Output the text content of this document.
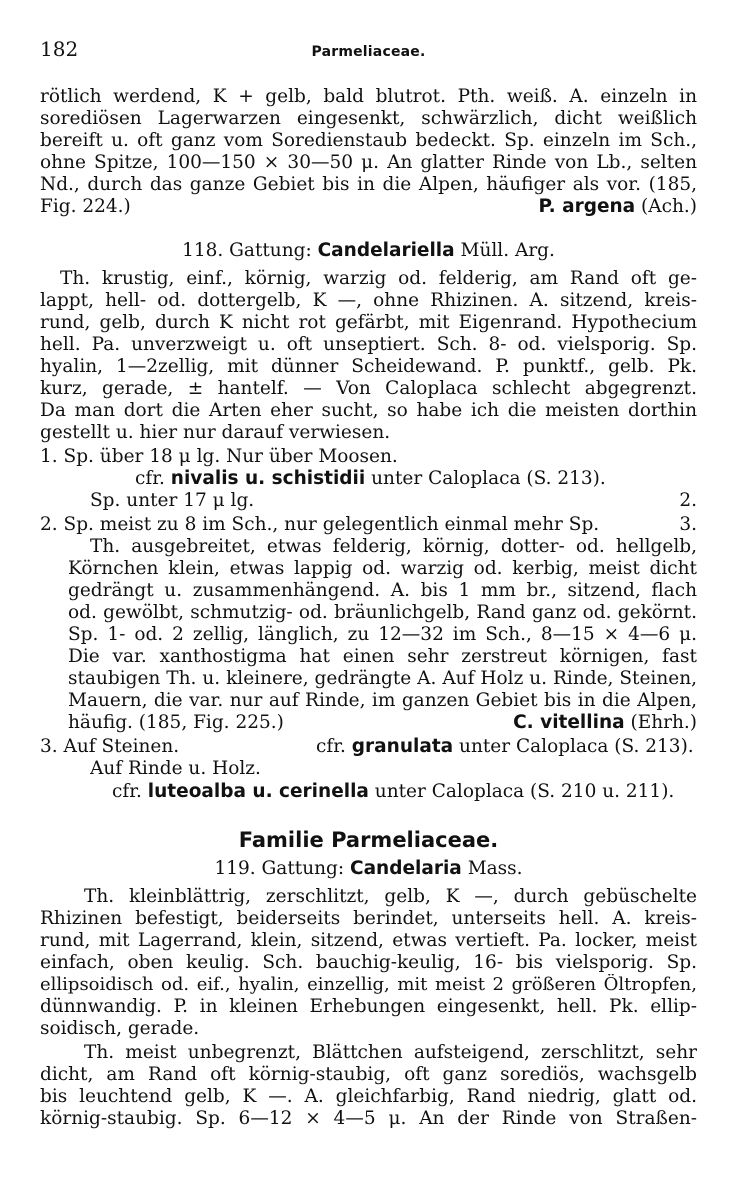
182	Parmeliaceae.
rötlich werdend, K + gelb, bald blutrot. Pth. weiß. A. einzeln in
sorediösen Lagerwarzen eingesenkt, schwärzlich, dicht weißlich
bereift u. oft ganz vom Soredienstaub bedeckt. Sp. einzeln im Sch.,
ohne Spitze, 100—150 × 30—50 μ. An glatter Rinde von Lb., selten
Nd., durch das ganze Gebiet bis in die Alpen, häufiger als vor. (185,
Fig. 224.)	P. argena (Ach.)
118. Gattung: Candelariella Müll. Arg.
Th. krustig, einf., körnig, warzig od. felderig, am Rand oft ge-
lappt, hell- od. dottergelb, K —, ohne Rhizinen. A. sitzend, kreis-
rund, gelb, durch K nicht rot gefärbt, mit Eigenrand. Hypothecium
hell. Pa. unverzweigt u. oft unseptiert. Sch. 8- od. vielsporig. Sp.
hyalin, 1—2zellig, mit dünner Scheidewand. P. punktf., gelb. Pk.
kurz, gerade, ± hantelf. — Von Caloplaca schlecht abgegrenzt.
Da man dort die Arten eher sucht, so habe ich die meisten dorthin
gestellt u. hier nur darauf verwiesen.
1. Sp. über 18 μ lg. Nur über Moosen.
cfr. nivalis u. schistidii unter Caloplaca (S. 213).
Sp. unter 17 μ lg.	2.
2. Sp. meist zu 8 im Sch., nur gelegentlich einmal mehr Sp.	3.
Th. ausgebreitet, etwas felderig, körnig, dotter- od. hellgelb,
Körnchen klein, etwas lappig od. warzig od. kerbig, meist dicht
gedrängt u. zusammenhängend. A. bis 1 mm br., sitzend, flach
od. gewölbt, schmutzig- od. bräunlichgelb, Rand ganz od. gekörnt.
Sp. 1- od. 2 zellig, länglich, zu 12—32 im Sch., 8—15 × 4—6 μ.
Die var. xanthostigma hat einen sehr zerstreut körnigen, fast
staubigen Th. u. kleinere, gedrängte A. Auf Holz u. Rinde, Steinen,
Mauern, die var. nur auf Rinde, im ganzen Gebiet bis in die Alpen,
häufig. (185, Fig. 225.)	C. vitellina (Ehrh.)
3. Auf Steinen.	cfr. granulata unter Caloplaca (S. 213).
Auf Rinde u. Holz.
cfr. luteoalba u. cerinella unter Caloplaca (S. 210 u. 211).
Familie Parmeliaceae.
119. Gattung: Candelaria Mass.
Th. kleinblättrig, zerschlitzt, gelb, K —, durch gebüschelte
Rhizinen befestigt, beiderseits berindet, unterseits hell. A. kreis-
rund, mit Lagerrand, klein, sitzend, etwas vertieft. Pa. locker, meist
einfach, oben keulig. Sch. bauchig-keulig, 16- bis vielsporig. Sp.
ellipsoidisch od. eif., hyalin, einzellig, mit meist 2 größeren Öltropfen,
dünnwandig. P. in kleinen Erhebungen eingesenkt, hell. Pk. ellip-
soidisch, gerade.
Th. meist unbegrenzt, Blättchen aufsteigend, zerschlitzt, sehr
dicht, am Rand oft körnig-staubig, oft ganz sorediös, wachsgelb
bis leuchtend gelb, K —. A. gleichfarbig, Rand niedrig, glatt od.
körnig-staubig. Sp. 6—12 × 4—5 μ. An der Rinde von Straßen-
